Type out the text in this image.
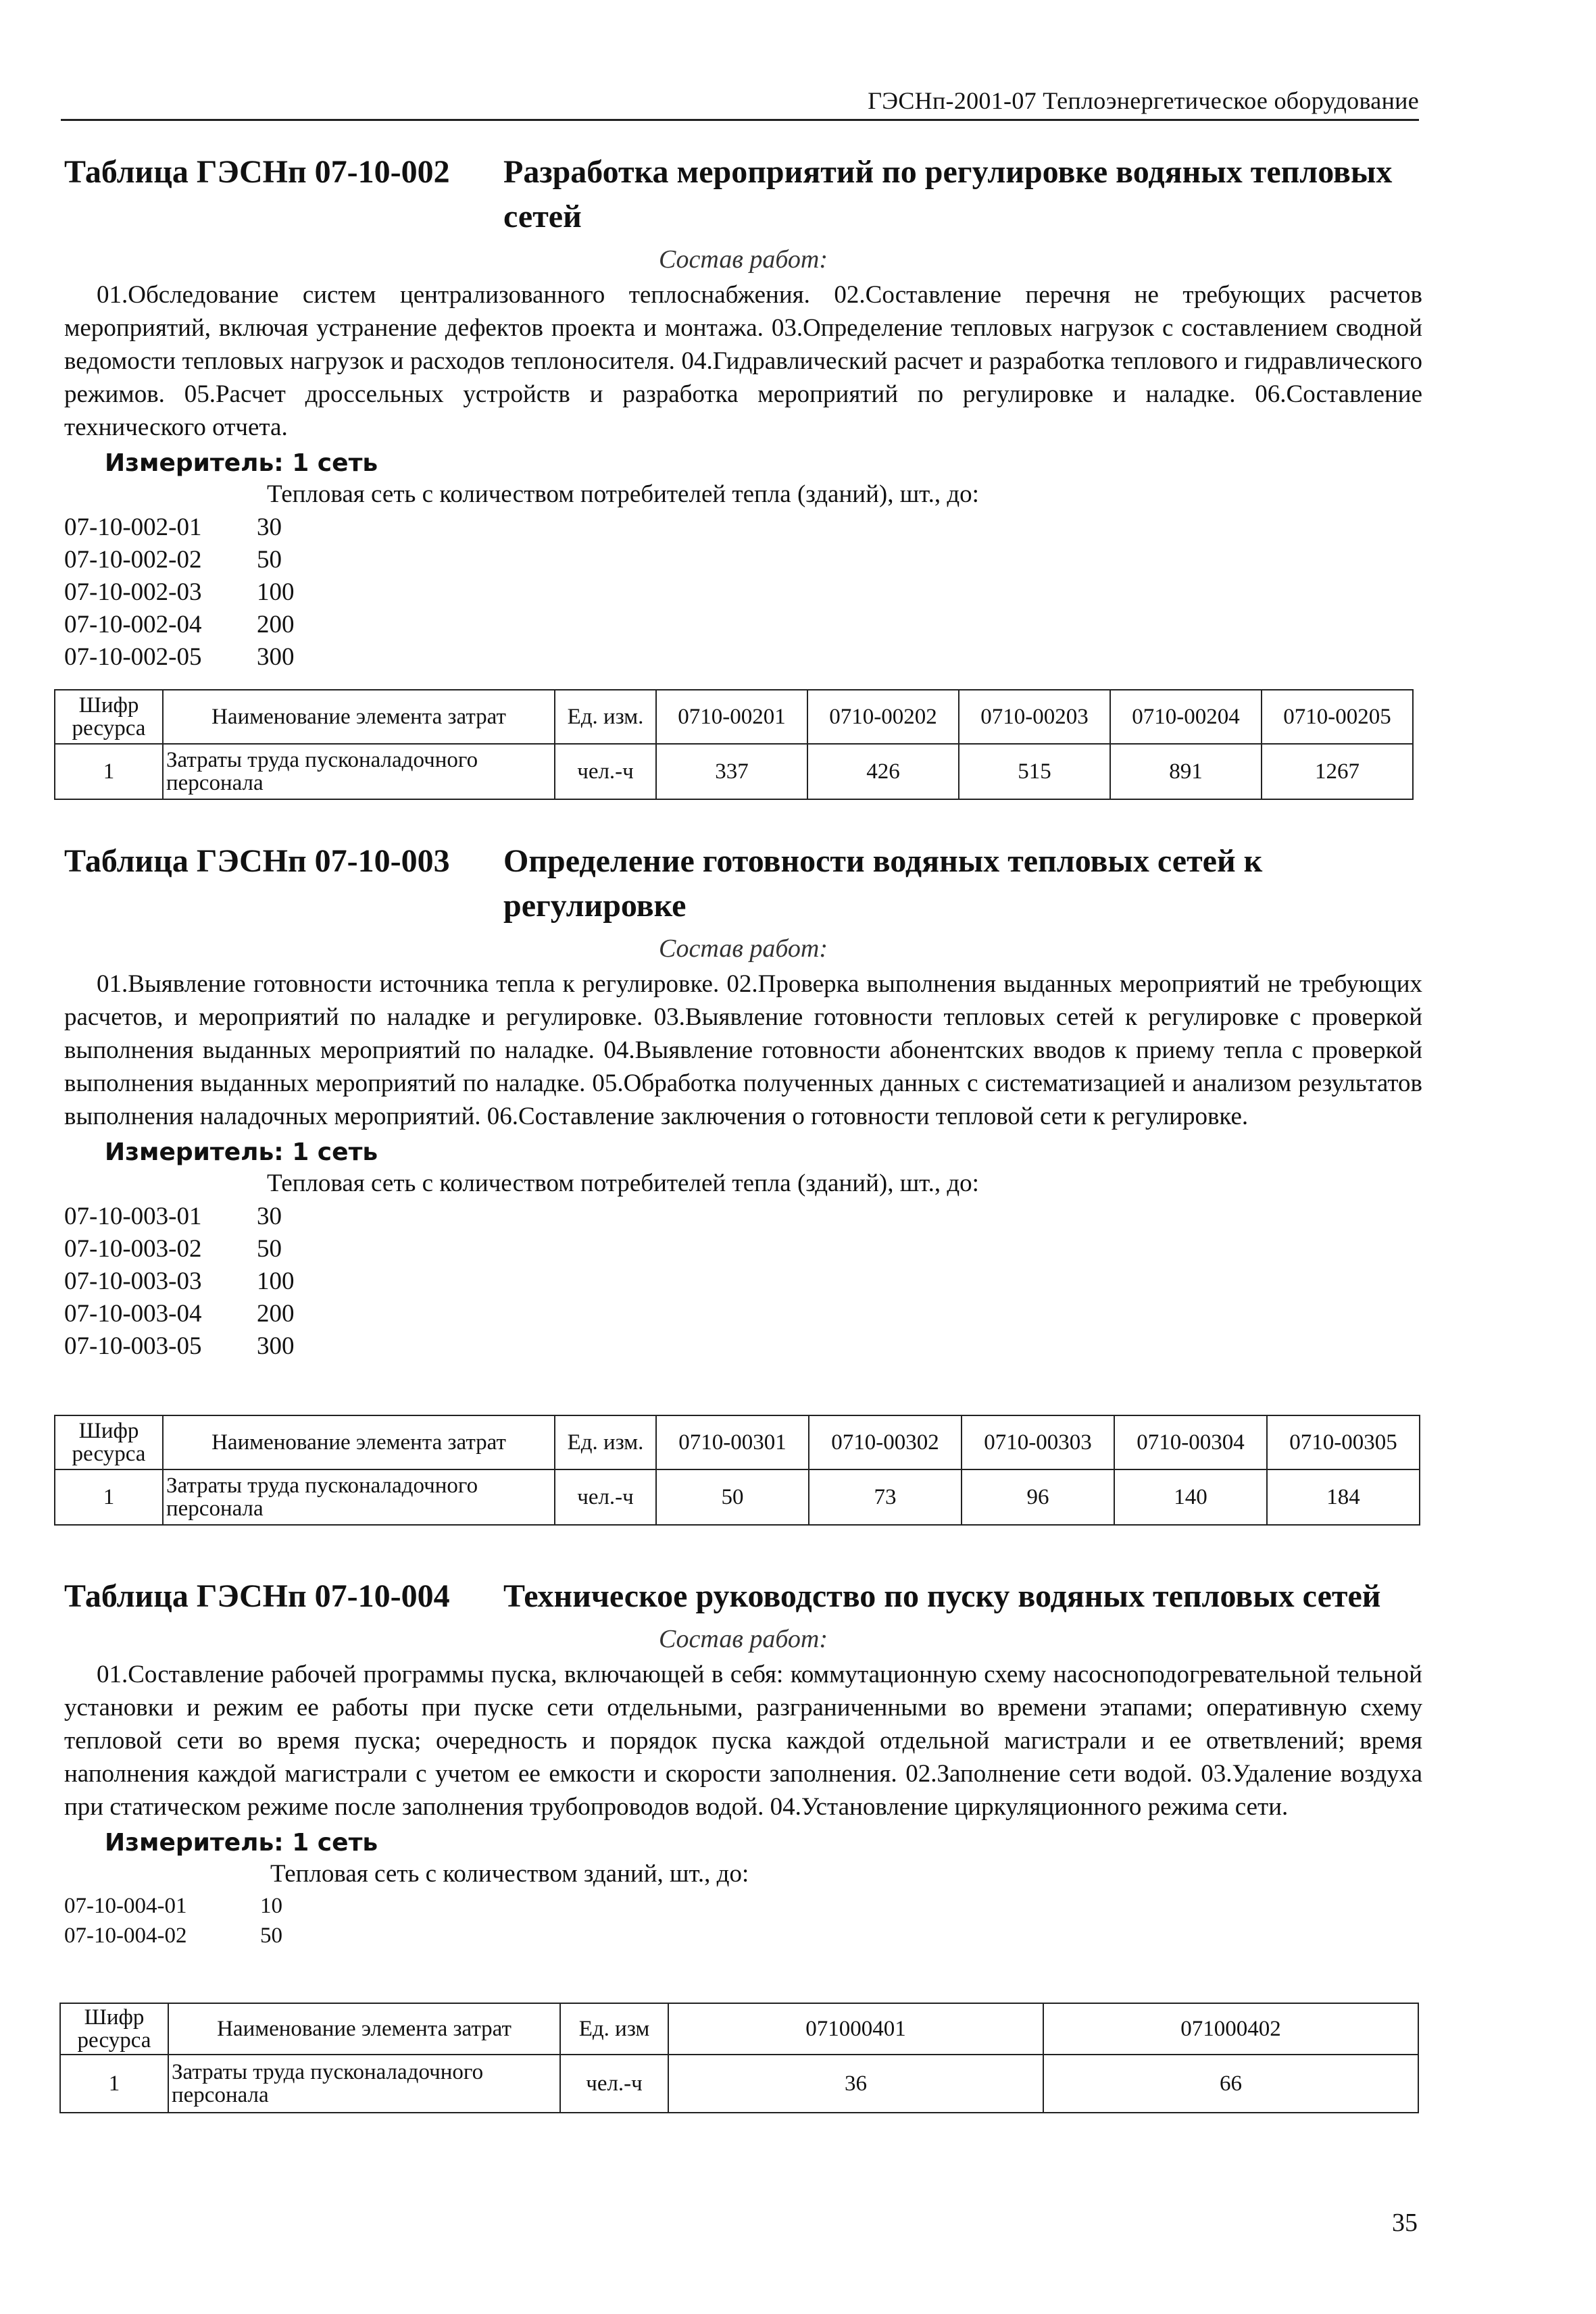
ГЭСНп-2001-07 Теплоэнергетическое оборудование
Таблица ГЭСНп 07-10-002	Разработка мероприятий по регулировке водяных тепловых сетей
Состав работ:

01.Обследование систем централизованного теплоснабжения. 02.Составление перечня не требующих расчетов мероприятий, включая устранение дефектов проекта и монтажа. 03.Определение тепловых нагрузок с составлением сводной ведомости тепловых нагрузок и расходов теплоносителя. 04.Гидравлический расчет и разработка теплового и гидравлического режимов. 05.Расчет дроссельных устройств и разработка мероприятий по регулировке и наладке. 06.Составление технического отчета.

Измеритель: 1 сеть
Тепловая сеть с количеством потребителей тепла (зданий), шт., до:
07-10-002-01	30
07-10-002-02	50
07-10-002-03	100
07-10-002-04	200
07-10-002-05	300
Шифр ресурса	Наименование элемента затрат	Ед. изм.	0710-00201	0710-00202	0710-00203	0710-00204	0710-00205
1	Затраты труда пусконаладочного персонала	чел.-ч	337	426	515	891	1267
Таблица ГЭСНп 07-10-003	Определение готовности водяных тепловых сетей к регулировке
Состав работ:

01.Выявление готовности источника тепла к регулировке. 02.Проверка выполнения выданных мероприятий не требующих расчетов, и мероприятий по наладке и регулировке. 03.Выявление готовности тепловых сетей к регулировке с проверкой выполнения выданных мероприятий по наладке. 04.Выявление готовности абонентских вводов к приему тепла с проверкой выполнения выданных мероприятий по наладке. 05.Обработка полученных данных с систематизацией и анализом результатов выполнения наладочных мероприятий. 06.Составление заключения о готовности тепловой сети к регулировке.

Измеритель: 1 сеть
Тепловая сеть с количеством потребителей тепла (зданий), шт., до:
07-10-003-01	30
07-10-003-02	50
07-10-003-03	100
07-10-003-04	200
07-10-003-05	300
Шифр ресурса	Наименование элемента затрат	Ед. изм.	0710-00301	0710-00302	0710-00303	0710-00304	0710-00305
1	Затраты труда пусконаладочного персонала	чел.-ч	50	73	96	140	184
Таблица ГЭСНп 07-10-004	Техническое руководство по пуску водяных тепловых сетей
Состав работ:

01.Составление рабочей программы пуска, включающей в себя: коммутационную схему насосноподогревательной тельной установки и режим ее работы при пуске сети отдельными, разграниченными во времени этапами; оперативную схему тепловой сети во время пуска; очередность и порядок пуска каждой отдельной магистрали и ее ответвлений; время наполнения каждой магистрали с учетом ее емкости и скорости заполнения. 02.Заполнение сети водой. 03.Удаление воздуха при статическом режиме после заполнения трубопроводов водой. 04.Установление циркуляционного режима сети.

Измеритель: 1 сеть
Тепловая сеть с количеством зданий, шт., до:
07-10-004-01	10
07-10-004-02	50
Шифр ресурса	Наименование элемента затрат	Ед. изм	071000401	071000402
1	Затраты труда пусконаладочного персонала	чел.-ч	36	66
35
